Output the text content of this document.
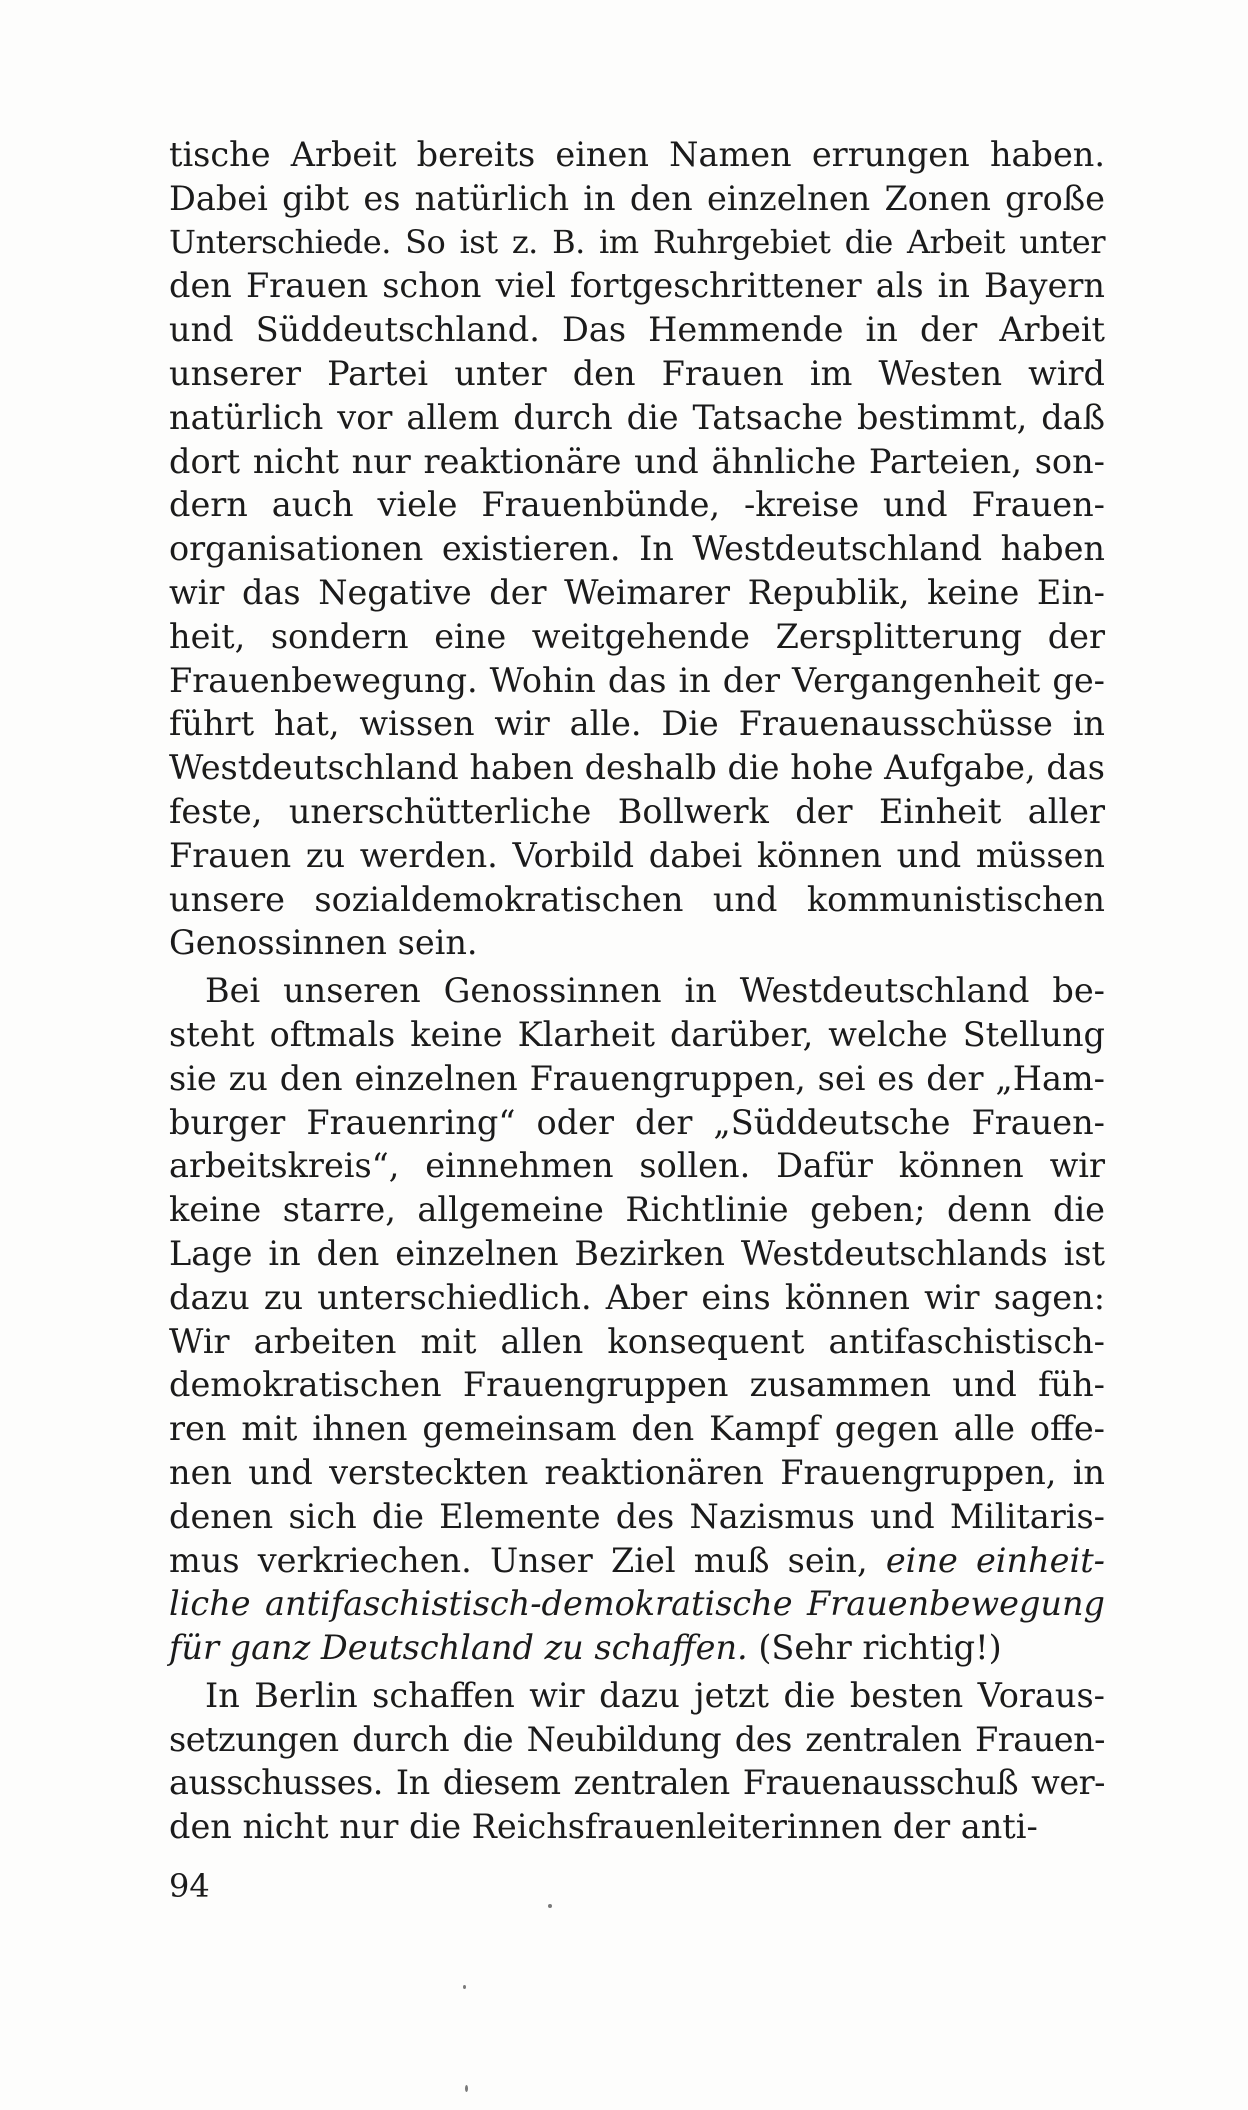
tische Arbeit bereits einen Namen errungen haben.
Dabei gibt es natürlich in den einzelnen Zonen große
Unterschiede. So ist z. B. im Ruhrgebiet die Arbeit unter
den Frauen schon viel fortgeschrittener als in Bayern
und Süddeutschland. Das Hemmende in der Arbeit
unserer Partei unter den Frauen im Westen wird
natürlich vor allem durch die Tatsache bestimmt, daß
dort nicht nur reaktionäre und ähnliche Parteien, son-
dern auch viele Frauenbünde, -kreise und Frauen-
organisationen existieren. In Westdeutschland haben
wir das Negative der Weimarer Republik, keine Ein-
heit, sondern eine weitgehende Zersplitterung der
Frauenbewegung. Wohin das in der Vergangenheit ge-
führt hat, wissen wir alle. Die Frauenausschüsse in
Westdeutschland haben deshalb die hohe Aufgabe, das
feste, unerschütterliche Bollwerk der Einheit aller
Frauen zu werden. Vorbild dabei können und müssen
unsere sozialdemokratischen und kommunistischen
Genossinnen sein.
Bei unseren Genossinnen in Westdeutschland be-
steht oftmals keine Klarheit darüber, welche Stellung
sie zu den einzelnen Frauengruppen, sei es der „Ham-
burger Frauenring“ oder der „Süddeutsche Frauen-
arbeitskreis“, einnehmen sollen. Dafür können wir
keine starre, allgemeine Richtlinie geben; denn die
Lage in den einzelnen Bezirken Westdeutschlands ist
dazu zu unterschiedlich. Aber eins können wir sagen:
Wir arbeiten mit allen konsequent antifaschistisch-
demokratischen Frauengruppen zusammen und füh-
ren mit ihnen gemeinsam den Kampf gegen alle offe-
nen und versteckten reaktionären Frauengruppen, in
denen sich die Elemente des Nazismus und Militaris-
mus verkriechen. Unser Ziel muß sein, eine einheit-
liche antifaschistisch-demokratische Frauenbewegung
für ganz Deutschland zu schaffen. (Sehr richtig!)
In Berlin schaffen wir dazu jetzt die besten Voraus-
setzungen durch die Neubildung des zentralen Frauen-
ausschusses. In diesem zentralen Frauenausschuß wer-
den nicht nur die Reichsfrauenleiterinnen der anti-
94
